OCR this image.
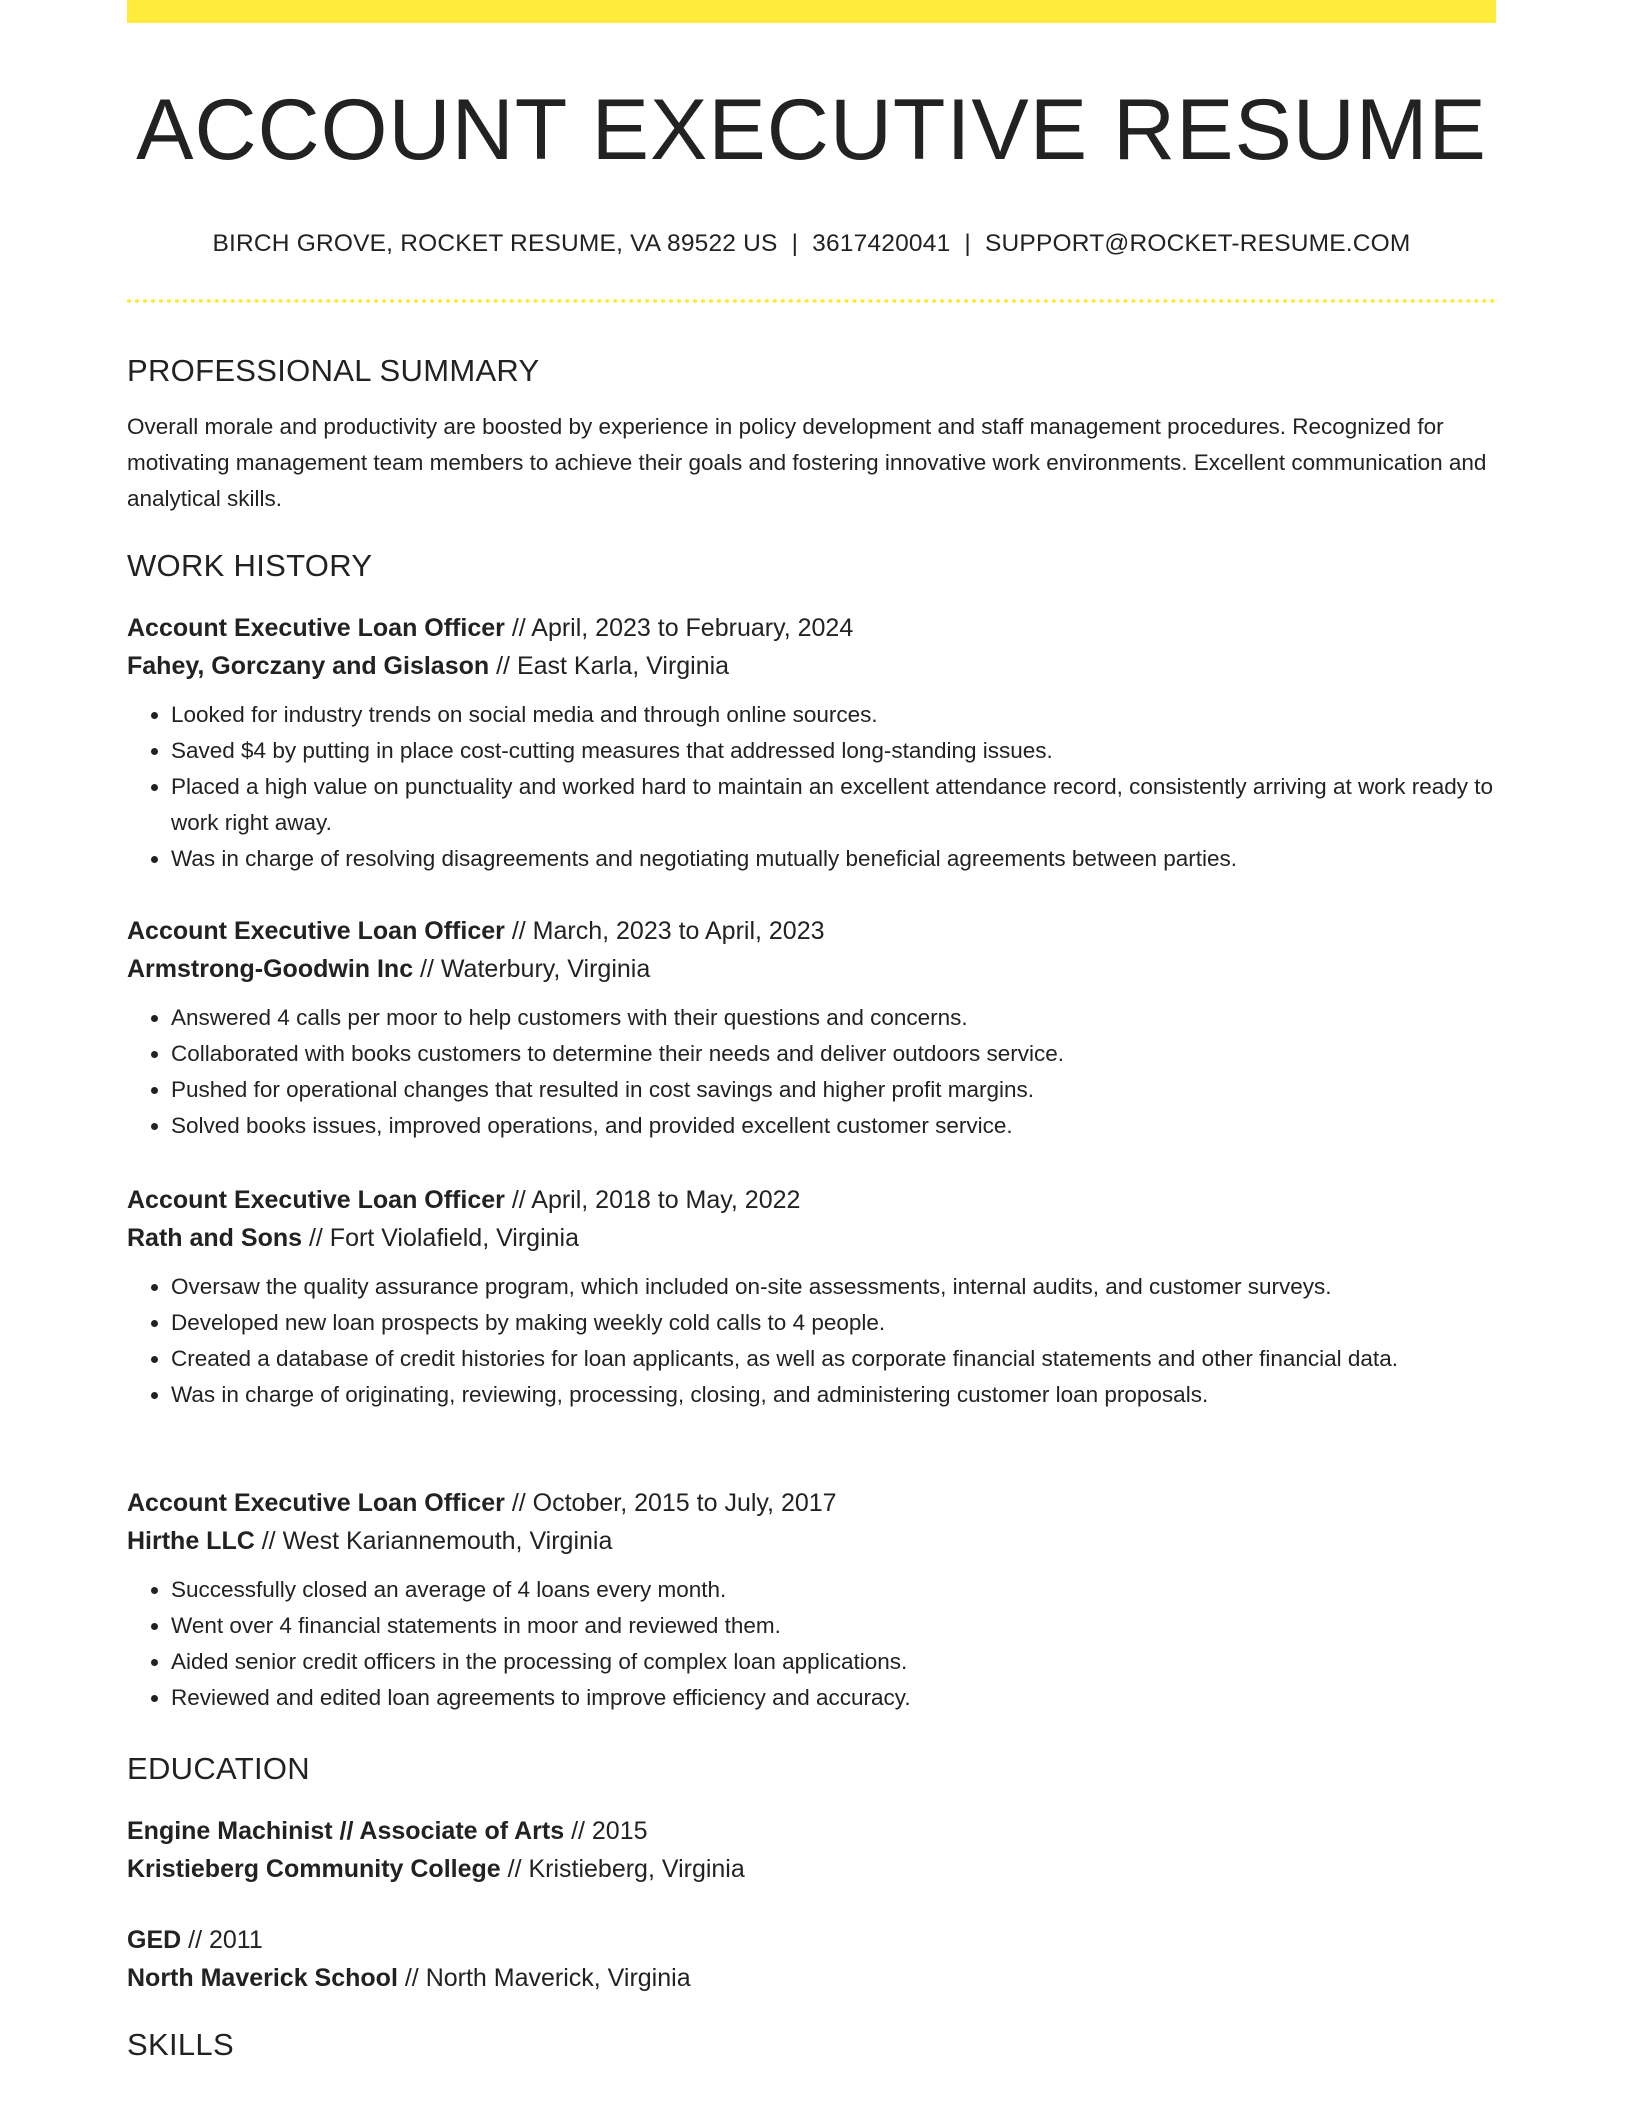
ACCOUNT EXECUTIVE RESUME
BIRCH GROVE, ROCKET RESUME, VA 89522 US | 3617420041 | SUPPORT@ROCKET-RESUME.COM
PROFESSIONAL SUMMARY

Overall morale and productivity are boosted by experience in policy development and staff management procedures. Recognized for motivating management team members to achieve their goals and fostering innovative work environments. Excellent communication and analytical skills.

WORK HISTORY
Account Executive Loan Officer // April, 2023 to February, 2024
Fahey, Gorczany and Gislason // East Karla, Virginia
• Looked for industry trends on social media and through online sources.
• Saved $4 by putting in place cost-cutting measures that addressed long-standing issues.
• Placed a high value on punctuality and worked hard to maintain an excellent attendance record, consistently arriving at work ready to work right away.
• Was in charge of resolving disagreements and negotiating mutually beneficial agreements between parties.
Account Executive Loan Officer // March, 2023 to April, 2023
Armstrong-Goodwin Inc // Waterbury, Virginia
• Answered 4 calls per moor to help customers with their questions and concerns.
• Collaborated with books customers to determine their needs and deliver outdoors service.
• Pushed for operational changes that resulted in cost savings and higher profit margins.
• Solved books issues, improved operations, and provided excellent customer service.
Account Executive Loan Officer // April, 2018 to May, 2022
Rath and Sons // Fort Violafield, Virginia
• Oversaw the quality assurance program, which included on-site assessments, internal audits, and customer surveys.
• Developed new loan prospects by making weekly cold calls to 4 people.
• Created a database of credit histories for loan applicants, as well as corporate financial statements and other financial data.
• Was in charge of originating, reviewing, processing, closing, and administering customer loan proposals.
Account Executive Loan Officer // October, 2015 to July, 2017
Hirthe LLC // West Kariannemouth, Virginia
• Successfully closed an average of 4 loans every month.
• Went over 4 financial statements in moor and reviewed them.
• Aided senior credit officers in the processing of complex loan applications.
• Reviewed and edited loan agreements to improve efficiency and accuracy.
EDUCATION
Engine Machinist // Associate of Arts // 2015
Kristieberg Community College // Kristieberg, Virginia
GED // 2011
North Maverick School // North Maverick, Virginia
SKILLS
